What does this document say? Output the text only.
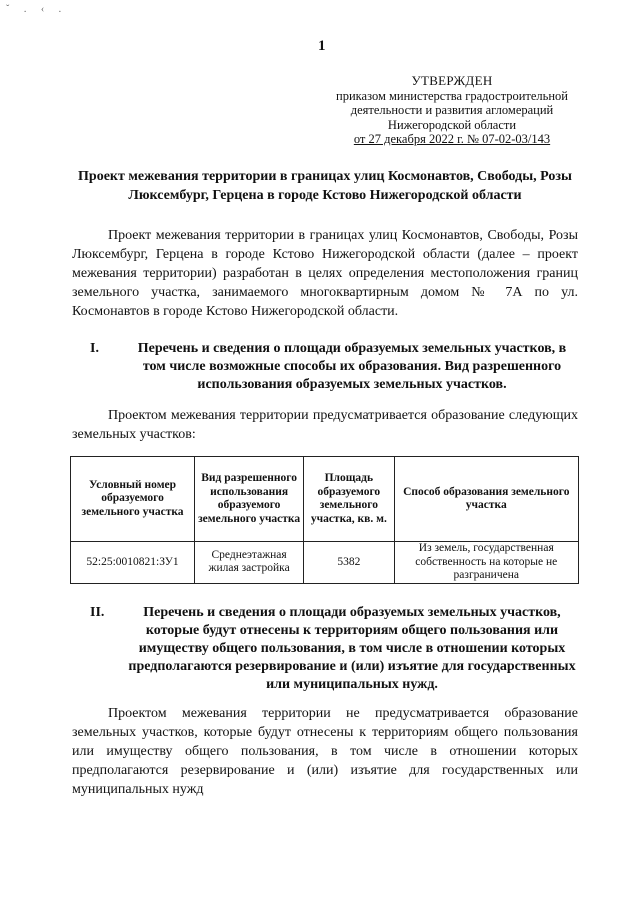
ˇ . ‹ .
1
УТВЕРЖДЕН
приказом министерства градостроительной
деятельности и развития агломераций
Нижегородской области
от 27 декабря 2022 г. № 07-02-03/143
Проект межевания территории в границах улиц Космонавтов, Свободы, Розы Люксембург, Герцена в городе Кстово Нижегородской области
Проект межевания территории в границах улиц Космонавтов, Свободы, Розы Люксембург, Герцена в городе Кстово Нижегородской области (далее – проект межевания территории) разработан в целях определения местоположения границ земельного участка, занимаемого многоквартирным домом № 7А по ул. Космонавтов в городе Кстово Нижегородской области.
I.	Перечень и сведения о площади образуемых земельных участков, в том числе возможные способы их образования. Вид разрешенного использования образуемых земельных участков.
Проектом межевания территории предусматривается образование следующих земельных участков:
Условный номер образуемого земельного участка	Вид разрешенного использования образуемого земельного участка	Площадь образуемого земельного участка, кв. м.	Способ образования земельного участка
52:25:0010821:ЗУ1	Среднеэтажная жилая застройка	5382	Из земель, государственная собственность на которые не разграничена
II.	Перечень и сведения о площади образуемых земельных участков, которые будут отнесены к территориям общего пользования или имуществу общего пользования, в том числе в отношении которых предполагаются резервирование и (или) изъятие для государственных или муниципальных нужд.
Проектом межевания территории не предусматривается образование земельных участков, которые будут отнесены к территориям общего пользования или имуществу общего пользования, в том числе в отношении которых предполагаются резервирование и (или) изъятие для государственных или муниципальных нужд
